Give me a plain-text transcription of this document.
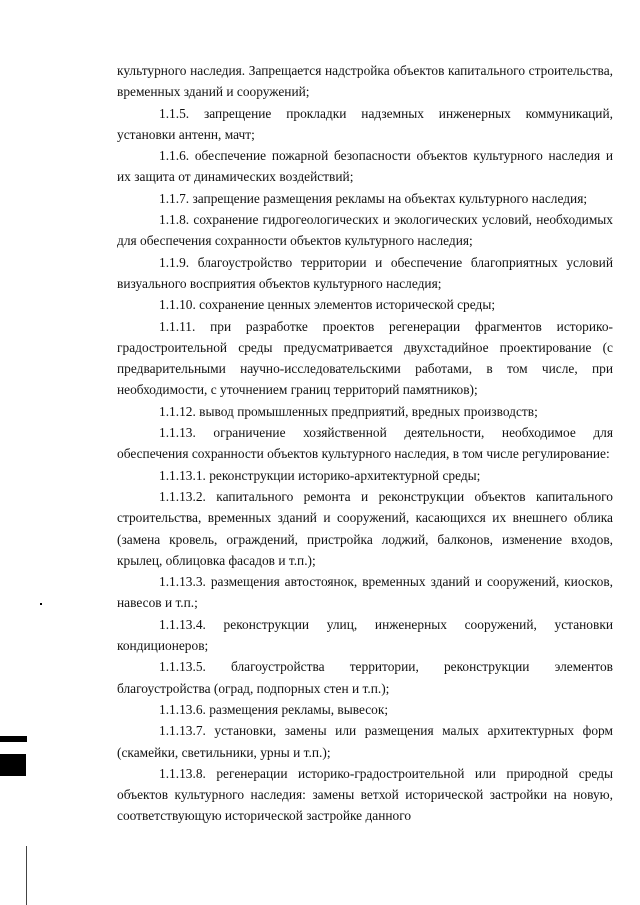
культурного наследия. Запрещается надстройка объектов капитального строительства, временных зданий и сооружений;

1.1.5. запрещение прокладки надземных инженерных коммуникаций, установки антенн, мачт;

1.1.6. обеспечение пожарной безопасности объектов культурного наследия и их защита от динамических воздействий;

1.1.7. запрещение размещения рекламы на объектах культурного наследия;

1.1.8. сохранение гидрогеологических и экологических условий, необходимых для обеспечения сохранности объектов культурного наследия;

1.1.9. благоустройство территории и обеспечение благоприятных условий визуального восприятия объектов культурного наследия;

1.1.10. сохранение ценных элементов исторической среды;

1.1.11. при разработке проектов регенерации фрагментов историко-градостроительной среды предусматривается двухстадийное проектирование (с предварительными научно-исследовательскими работами, в том числе, при необходимости, с уточнением границ территорий памятников);

1.1.12. вывод промышленных предприятий, вредных производств;

1.1.13. ограничение хозяйственной деятельности, необходимое для обеспечения сохранности объектов культурного наследия, в том числе регулирование:

1.1.13.1. реконструкции историко-архитектурной среды;

1.1.13.2. капитального ремонта и реконструкции объектов капитального строительства, временных зданий и сооружений, касающихся их внешнего облика (замена кровель, ограждений, пристройка лоджий, балконов, изменение входов, крылец, облицовка фасадов и т.п.);

1.1.13.3. размещения автостоянок, временных зданий и сооружений, киосков, навесов и т.п.;

1.1.13.4. реконструкции улиц, инженерных сооружений, установки кондиционеров;

1.1.13.5. благоустройства территории, реконструкции элементов благоустройства (оград, подпорных стен и т.п.);

1.1.13.6. размещения рекламы, вывесок;

1.1.13.7. установки, замены или размещения малых архитектурных форм (скамейки, светильники, урны и т.п.);

1.1.13.8. регенерации историко-градостроительной или природной среды объектов культурного наследия: замены ветхой исторической застройки на новую, соответствующую исторической застройке данного
